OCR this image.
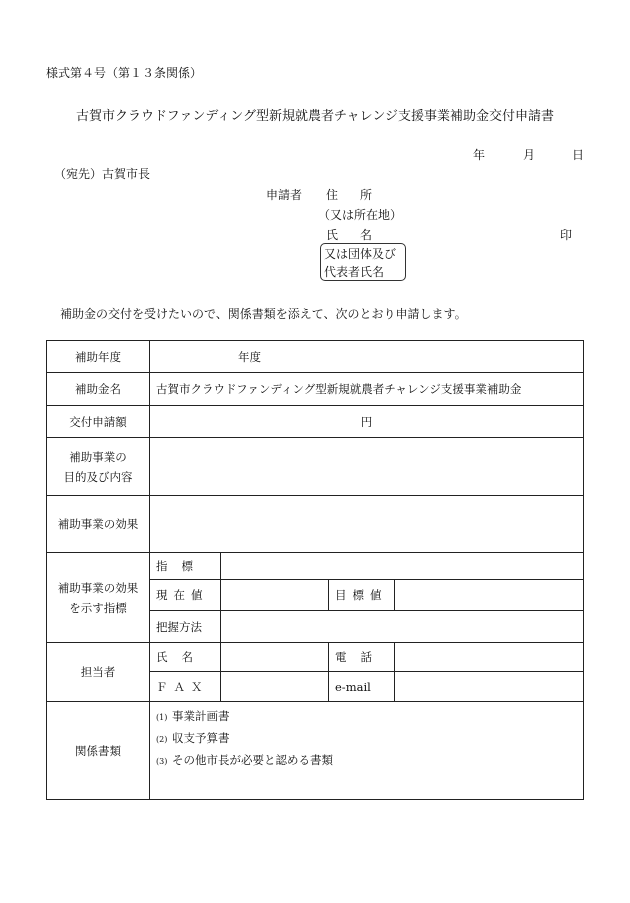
様式第４号（第１３条関係）
古賀市クラウドファンディング型新規就農者チャレンジ支援事業補助金交付申請書
年	月	日
（宛先）古賀市長
申請者 住所
（又は所在地）
氏名	印
又は団体及び
代表者氏名
補助金の交付を受けたいので、関係書類を添えて、次のとおり申請します。
補助年度	年度			
補助金名	古賀市クラウドファンディング型新規就農者チャレンジ支援事業補助金			
交付申請額	円			

補助事業の
目的及び内容				

補助事業の効果				

補助事業の効果
を示す指標	指標			
	現在値		目標値	
	把握方法			
担当者	氏名		電話	
	ＦＡＸ		e-mail	
関係書類	(1) 事業計画書
(2) 収支予算書
(3) その他市長が必要と認める書類			
